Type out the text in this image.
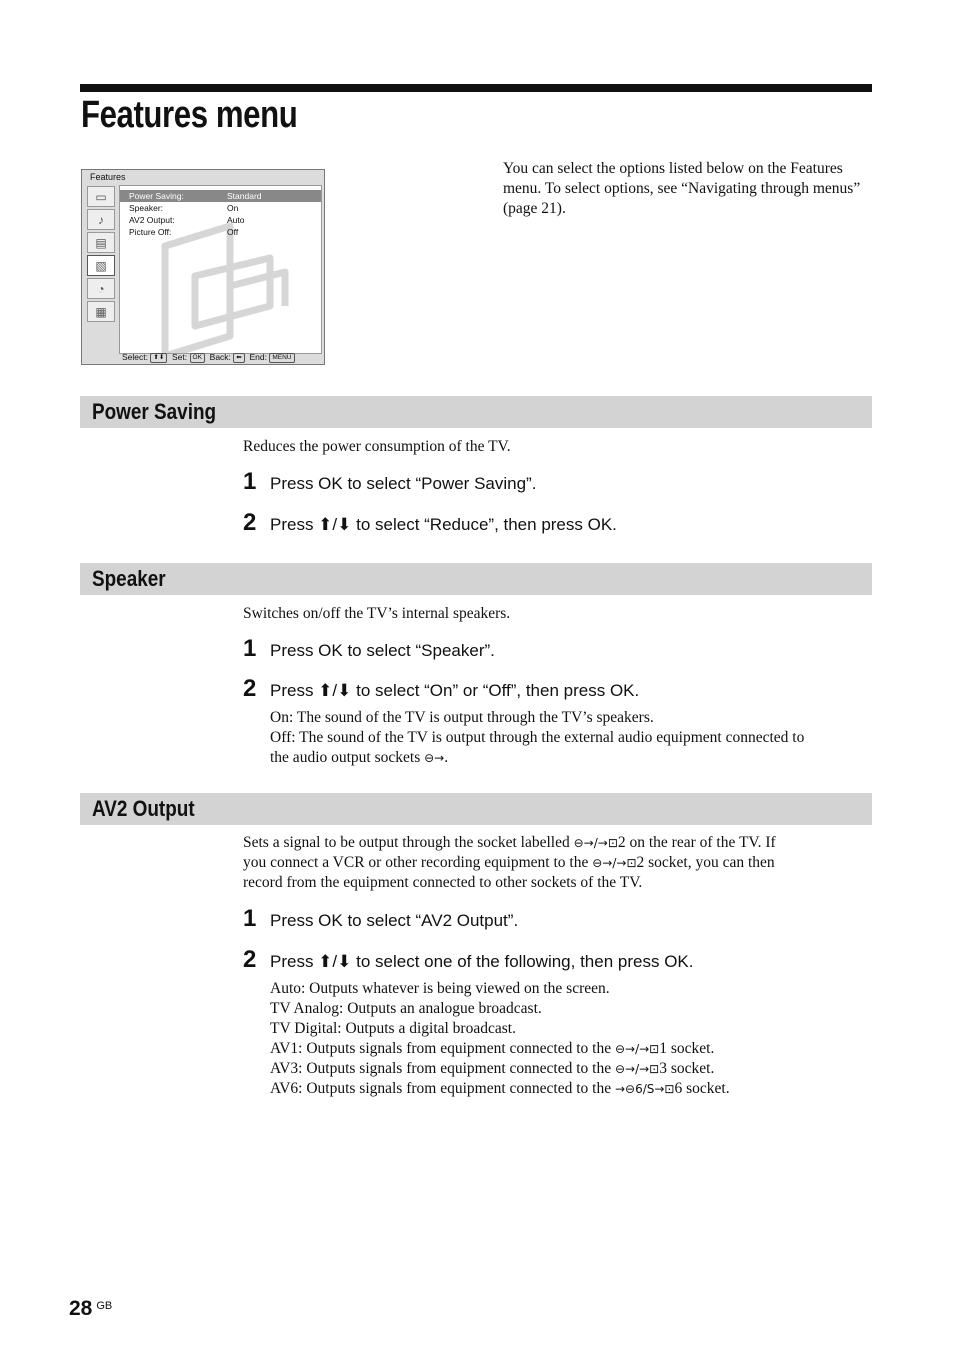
Features menu

You can select the options listed below on the Features menu. To select options, see “Navigating through menus” (page 21).

Features
▭
♪
▤
▧
◔
▦
Power Saving:	Standard
Speaker:	On
AV2 Output:	Auto
Picture Off:	Off
Select: ⬆⬇ Set: OK Back: ⬅ End: MENU
Power Saving

Reduces the power consumption of the TV.

1 Press OK to select “Power Saving”.
2 Press ⬆/⬇ to select “Reduce”, then press OK.
Speaker

Switches on/off the TV’s internal speakers.

1 Press OK to select “Speaker”.
2 Press ⬆/⬇ to select “On” or “Off”, then press OK.
On: The sound of the TV is output through the TV’s speakers.
Off: The sound of the TV is output through the external audio equipment connected to
the audio output sockets ⊖→.
AV2 Output
Sets a signal to be output through the socket labelled ⊖→/→⊡2 on the rear of the TV. If
you connect a VCR or other recording equipment to the ⊖→/→⊡2 socket, you can then
record from the equipment connected to other sockets of the TV.
1 Press OK to select “AV2 Output”.
2 Press ⬆/⬇ to select one of the following, then press OK.
Auto: Outputs whatever is being viewed on the screen.
TV Analog: Outputs an analogue broadcast.
TV Digital: Outputs a digital broadcast.
AV1: Outputs signals from equipment connected to the ⊖→/→⊡1 socket.
AV3: Outputs signals from equipment connected to the ⊖→/→⊡3 socket.
AV6: Outputs signals from equipment connected to the →⊖6/S→⊡6 socket.
28 $^{GB}$
